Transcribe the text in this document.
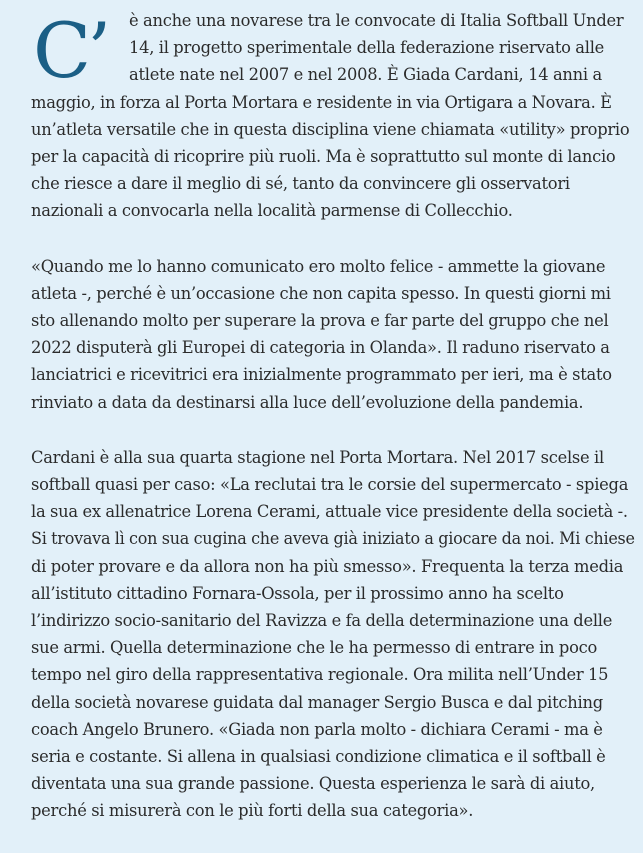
C’	è anche una novarese tra le convocate di Italia Softball Under
14, il progetto sperimentale della federazione riservato alle
atlete nate nel 2007 e nel 2008. È Giada Cardani, 14 anni a
maggio, in forza al Porta Mortara e residente in via Ortigara a Novara. È
un’atleta versatile che in questa disciplina viene chiamata «utility» proprio
per la capacità di ricoprire più ruoli. Ma è soprattutto sul monte di lancio
che riesce a dare il meglio di sé, tanto da convincere gli osservatori
nazionali a convocarla nella località parmense di Collecchio.
«Quando me lo hanno comunicato ero molto felice - ammette la giovane
atleta -, perché è un’occasione che non capita spesso. In questi giorni mi
sto allenando molto per superare la prova e far parte del gruppo che nel
2022 disputerà gli Europei di categoria in Olanda». Il raduno riservato a
lanciatrici e ricevitrici era inizialmente programmato per ieri, ma è stato
rinviato a data da destinarsi alla luce dell’evoluzione della pandemia.
Cardani è alla sua quarta stagione nel Porta Mortara. Nel 2017 scelse il
softball quasi per caso: «La reclutai tra le corsie del supermercato - spiega
la sua ex allenatrice Lorena Cerami, attuale vice presidente della società -.
Si trovava lì con sua cugina che aveva già iniziato a giocare da noi. Mi chiese
di poter provare e da allora non ha più smesso». Frequenta la terza media
all’istituto cittadino Fornara-Ossola, per il prossimo anno ha scelto
l’indirizzo socio-sanitario del Ravizza e fa della determinazione una delle
sue armi. Quella determinazione che le ha permesso di entrare in poco
tempo nel giro della rappresentativa regionale. Ora milita nell’Under 15
della società novarese guidata dal manager Sergio Busca e dal pitching
coach Angelo Brunero. «Giada non parla molto - dichiara Cerami - ma è
seria e costante. Si allena in qualsiasi condizione climatica e il softball è
diventata una sua grande passione. Questa esperienza le sarà di aiuto,
perché si misurerà con le più forti della sua categoria».
